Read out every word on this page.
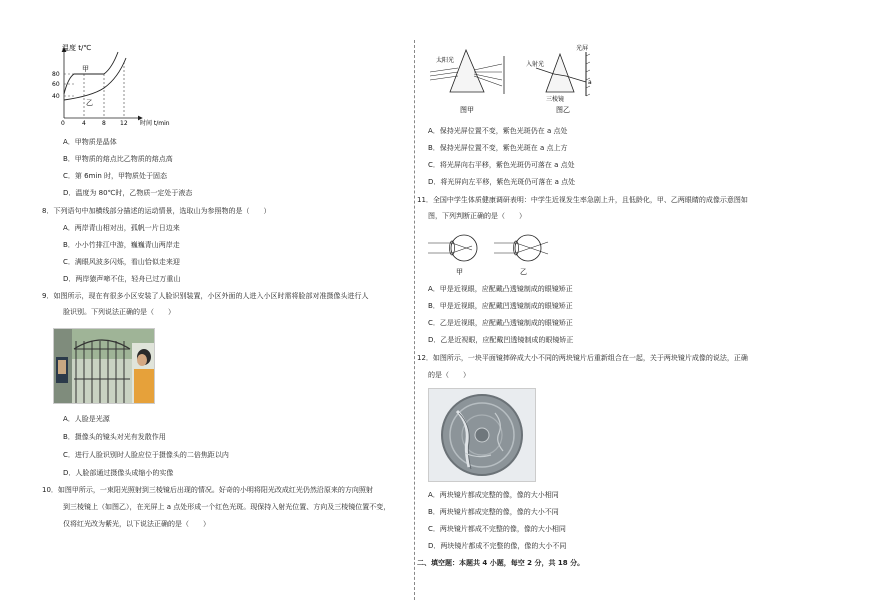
温度 t/℃
时间 t/min
80
60
40
0	4	8 12
甲
乙
A．甲物质是晶体
B．甲物质的熔点比乙物质的熔点高
C．第 6min 时，甲物质处于固态
D．温度为 80℃时，乙物质一定处于液态
8．下列语句中加横线部分描述的运动情景，选取山为参照物的是（　　）
A．两岸青山相对出，孤帆一片日边来
B．小小竹排江中游，巍巍青山两岸走
C．满眼风波多闪烁，看山恰似走来迎
D．两岸猿声啼不住，轻舟已过万重山
9．如图所示，现在有很多小区安装了人脸识别装置，小区外面的人进入小区时需将脸部对准摄像头进行人
脸识别。下列说法正确的是（　　）
A．人脸是光源
B．摄像头的镜头对光有发散作用
C．进行人脸识别时人脸应位于摄像头的二倍焦距以内
D．人脸部通过摄像头成缩小的实像
10．如图甲所示，一束阳光照射到三棱镜后出现的情况。好奇的小明将阳光改成红光仍然沿原来的方向照射
到三棱镜上（如图乙），在光屏上 a 点处形成一个红色光斑。现保持入射光位置、方向及三棱镜位置不变，
仅将红光改为紫光，以下说法正确的是（　　）
太阳光
图甲
入射光
光屏
a
三棱镜
图乙
A．保持光屏位置不变，紫色光斑仍在 a 点处
B．保持光屏位置不变，紫色光斑在 a 点上方
C．将光屏向右平移，紫色光斑仍可落在 a 点处
D．将光屏向左平移，紫色光斑仍可落在 a 点处
11．全国中学生体质健康调研表明：中学生近视发生率急剧上升，且低龄化，甲、乙两眼睛的成像示意图如
图，下列判断正确的是（　　）
甲	乙
A．甲是近视眼，应配戴凸透镜制成的眼镜矫正
B．甲是近视眼，应配戴凹透镜制成的眼镜矫正
C．乙是近视眼，应配戴凸透镜制成的眼镜矫正
D．乙是近视眼，应配戴凹透镜制成的眼镜矫正
12．如图所示，一块平面镜摔碎成大小不同的两块镜片后重新组合在一起，关于两块镜片成像的说法，正确
的是（　　）
A．两块镜片都成完整的像，像的大小相同
B．两块镜片都成完整的像，像的大小不同
C．两块镜片都成不完整的像，像的大小相同
D．两块镜片都成不完整的像，像的大小不同
二、填空题：本题共 4 小题，每空 2 分，共 18 分。
